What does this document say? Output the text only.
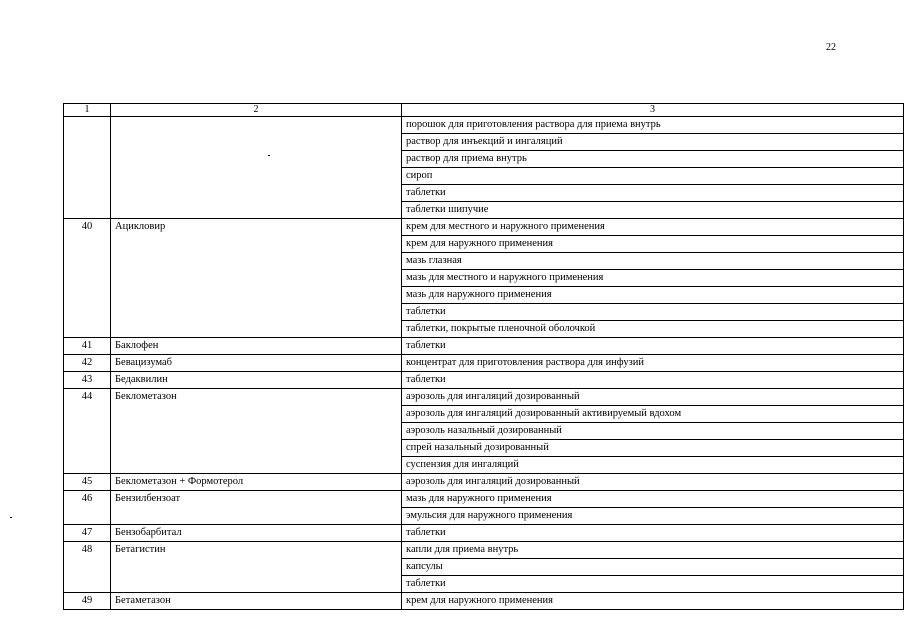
22
1	2	3
		порошок для приготовления раствора для приема внутрь
		раствор для инъекций и ингаляций
		раствор для приема внутрь
		сироп
		таблетки
		таблетки шипучие
40	Ацикловир	крем для местного и наружного применения
		крем для наружного применения
		мазь глазная
		мазь для местного и наружного применения
		мазь для наружного применения
		таблетки
		таблетки, покрытые пленочной оболочкой
41	Баклофен	таблетки
42	Бевацизумаб	концентрат для приготовления раствора для инфузий
43	Бедаквилин	таблетки
44	Беклометазон	аэрозоль для ингаляций дозированный
		аэрозоль для ингаляций дозированный активируемый вдохом
		аэрозоль назальный дозированный
		спрей назальный дозированный
		суспензия для ингаляций
45	Беклометазон + Формотерол	аэрозоль для ингаляций дозированный
46	Бензилбензоат	мазь для наружного применения
		эмульсия для наружного применения
47	Бензобарбитал	таблетки
48	Бетагистин	капли для приема внутрь
		капсулы
		таблетки
49	Бетаметазон	крем для наружного применения
